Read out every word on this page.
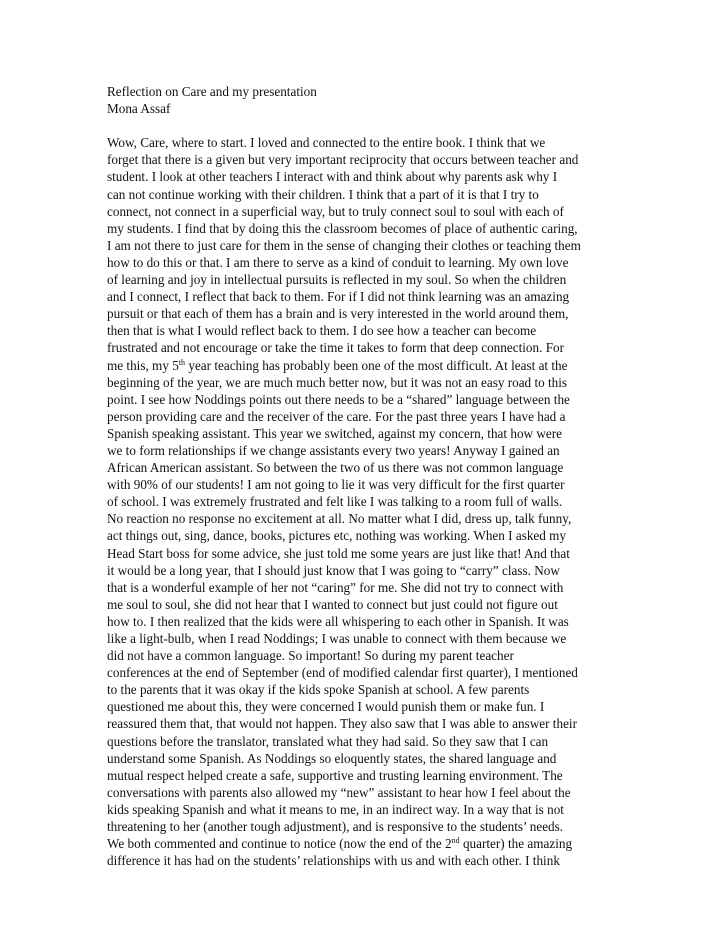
Reflection on Care and my presentation
Mona Assaf
Wow, Care, where to start. I loved and connected to the entire book. I think that we
forget that there is a given but very important reciprocity that occurs between teacher and
student. I look at other teachers I interact with and think about why parents ask why I
can not continue working with their children. I think that a part of it is that I try to
connect, not connect in a superficial way, but to truly connect soul to soul with each of
my students. I find that by doing this the classroom becomes of place of authentic caring,
I am not there to just care for them in the sense of changing their clothes or teaching them
how to do this or that. I am there to serve as a kind of conduit to learning. My own love
of learning and joy in intellectual pursuits is reflected in my soul. So when the children
and I connect, I reflect that back to them. For if I did not think learning was an amazing
pursuit or that each of them has a brain and is very interested in the world around them,
then that is what I would reflect back to them. I do see how a teacher can become
frustrated and not encourage or take the time it takes to form that deep connection. For
me this, my 5th year teaching has probably been one of the most difficult. At least at the
beginning of the year, we are much much better now, but it was not an easy road to this
point. I see how Noddings points out there needs to be a “shared” language between the
person providing care and the receiver of the care. For the past three years I have had a
Spanish speaking assistant. This year we switched, against my concern, that how were
we to form relationships if we change assistants every two years! Anyway I gained an
African American assistant. So between the two of us there was not common language
with 90% of our students! I am not going to lie it was very difficult for the first quarter
of school. I was extremely frustrated and felt like I was talking to a room full of walls.
No reaction no response no excitement at all. No matter what I did, dress up, talk funny,
act things out, sing, dance, books, pictures etc, nothing was working. When I asked my
Head Start boss for some advice, she just told me some years are just like that! And that
it would be a long year, that I should just know that I was going to “carry” class. Now
that is a wonderful example of her not “caring” for me. She did not try to connect with
me soul to soul, she did not hear that I wanted to connect but just could not figure out
how to. I then realized that the kids were all whispering to each other in Spanish. It was
like a light-bulb, when I read Noddings; I was unable to connect with them because we
did not have a common language. So important! So during my parent teacher
conferences at the end of September (end of modified calendar first quarter), I mentioned
to the parents that it was okay if the kids spoke Spanish at school. A few parents
questioned me about this, they were concerned I would punish them or make fun. I
reassured them that, that would not happen. They also saw that I was able to answer their
questions before the translator, translated what they had said. So they saw that I can
understand some Spanish. As Noddings so eloquently states, the shared language and
mutual respect helped create a safe, supportive and trusting learning environment. The
conversations with parents also allowed my “new” assistant to hear how I feel about the
kids speaking Spanish and what it means to me, in an indirect way. In a way that is not
threatening to her (another tough adjustment), and is responsive to the students’ needs.
We both commented and continue to notice (now the end of the 2nd quarter) the amazing
difference it has had on the students’ relationships with us and with each other. I think
